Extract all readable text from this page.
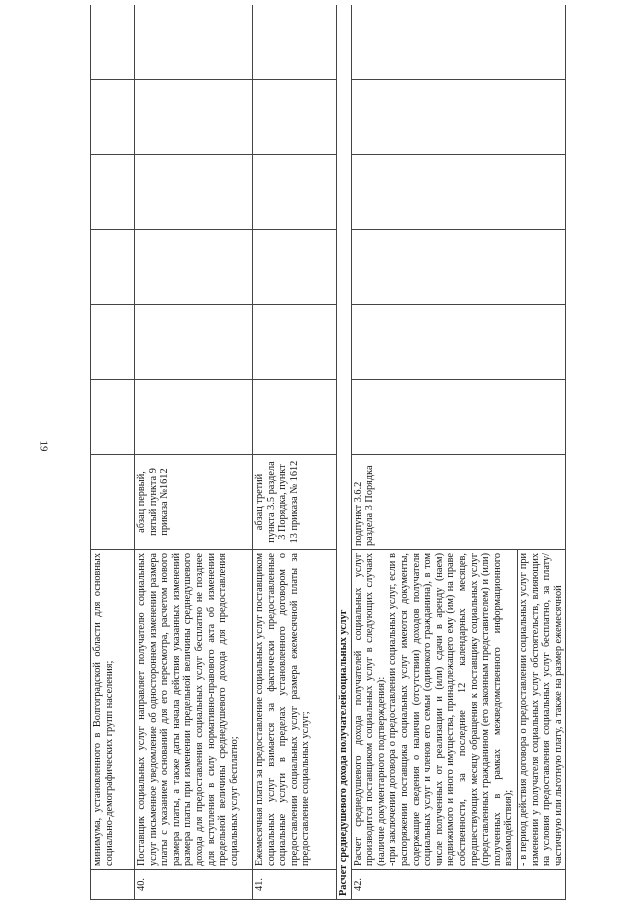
19
	минимума, установленного в Волгоградской области для основных социально-демографических групп населения;							
40.	Поставщик социальных услуг направляет получателю социальных услуг письменное уведомление об одностороннем изменении размера платы с указанием оснований для его пересмотра, расчетом нового размера платы, а также даты начала действия указанных изменений размера платы при изменении предельной величины среднедушевого дохода для предоставления социальных услуг бесплатно не позднее для вступления в силу нормативно-правового акта об изменении предельной величины среднедушевого дохода для предоставления социальных услуг бесплатно;	абзац первый, пятый пункта 9 приказа №1612						
41.	Ежемесячная плата за предоставление социальных услуг поставщиком социальных услуг взимается за фактически предоставленные социальные услуги в пределах установленного договором о предоставлении социальных услуг размера ежемесячной платы за предоставление социальных услуг;	абзац третий пункта 3.5 раздела 3 Порядка, пункт 13 приказа № 1612						
Расчет среднедушевого дохода получателейсоциальных услуг								
42.	Расчет среднедушевого дохода получателей социальных услуг производится поставщиком социальных услуг в следующих случаях (наличие документарного подтверждения): -при заключении договора о предоставлении социальных услуг, если в распоряжении поставщика социальных услуг имеются документы, содержащие сведения о наличии (отсутствии) доходов получателя социальных услуг и членов его семьи (одинокого гражданина), в том числе полученных от реализации и (или) сдачи в аренду (наем) недвижимого и иного имущества, принадлежащего ему (им) на праве собственности, за последние 12 календарных месяцев, предшествующих месяцу обращения к поставщику социальных услуг (представленных гражданином (его законным представителем) и (или) полученных в рамках межведомственного информационного взаимодействия); - в период действия договора о предоставлении социальных услуг при изменении у получателя социальных услуг обстоятельств, влияющих на условия предоставления социальных услуг бесплатно, за плату/частичную или льготную плату, а также на размер ежемесячной	подпункт 3.6.2 раздела 3 Порядка						
